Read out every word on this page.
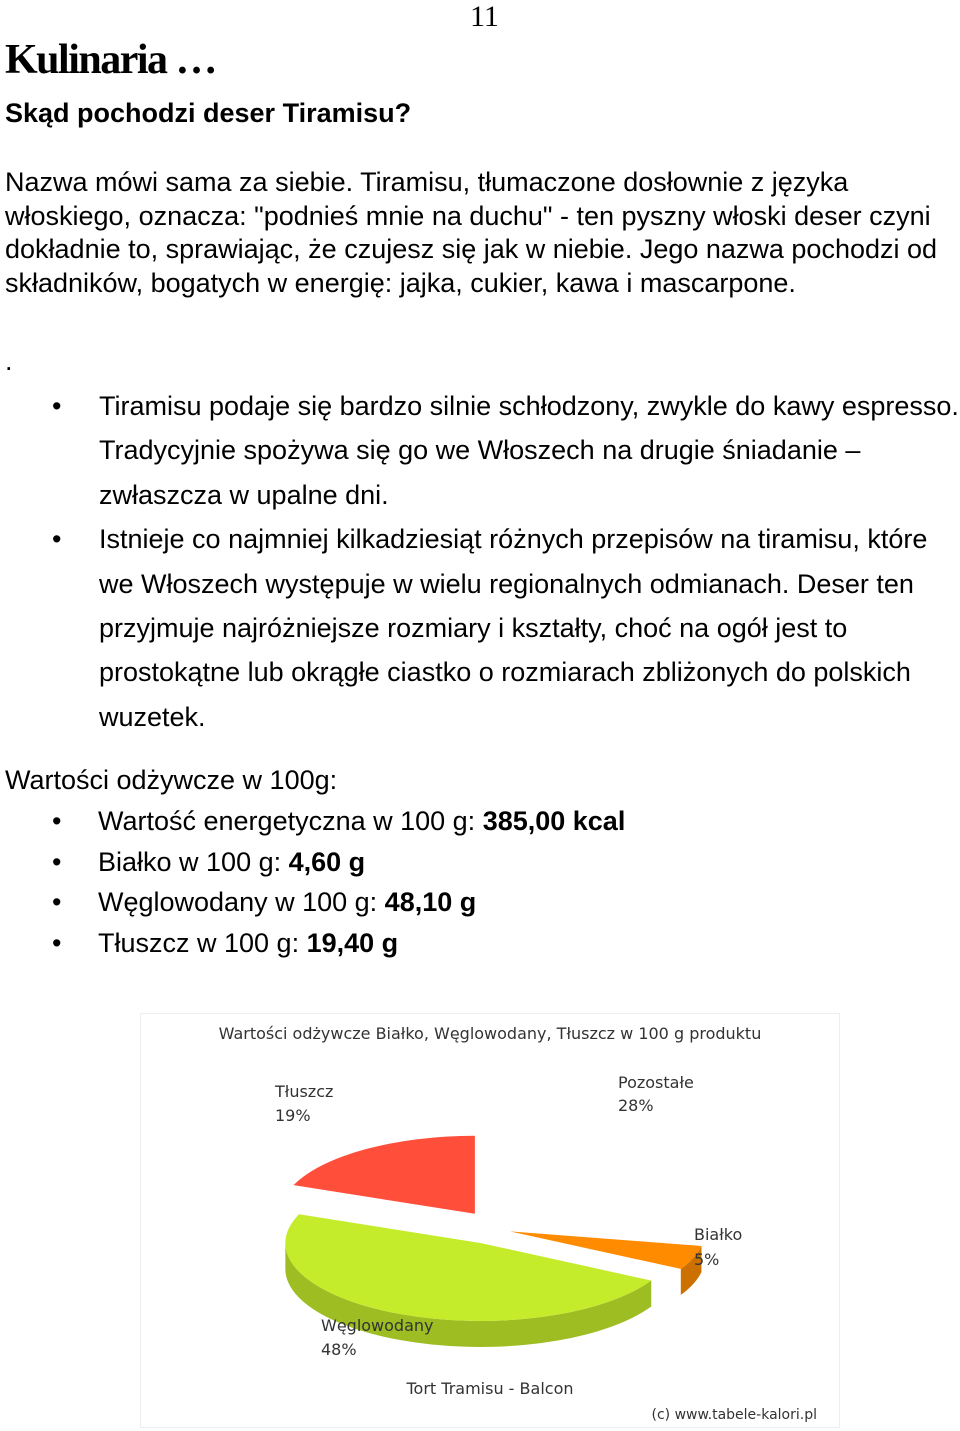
11
Kulinaria …
Skąd pochodzi deser Tiramisu?

Nazwa mówi sama za siebie. Tiramisu, tłumaczone dosłownie z języka włoskiego, oznacza: "podnieś mnie na duchu" - ten pyszny włoski deser czyni dokładnie to, sprawiając, że czujesz się jak w niebie. Jego nazwa pochodzi od składników, bogatych w energię: jajka, cukier, kawa i mascarpone.

.
• Tiramisu podaje się bardzo silnie schłodzony, zwykle do kawy espresso. Tradycyjnie spożywa się go we Włoszech na drugie śniadanie – zwłaszcza w upalne dni.
• Istnieje co najmniej kilkadziesiąt różnych przepisów na tiramisu, które we Włoszech występuje w wielu regionalnych odmianach. Deser ten przyjmuje najróżniejsze rozmiary i kształty, choć na ogół jest to prostokątne lub okrągłe ciastko o rozmiarach zbliżonych do polskich wuzetek.
Wartości odżywcze w 100g:
• Wartość energetyczna w 100 g: 385,00 kcal
• Białko w 100 g: 4,60 g
• Węglowodany w 100 g: 48,10 g
• Tłuszcz w 100 g: 19,40 g
Wartości odżywcze Białko, Węglowodany, Tłuszcz w 100 g produktu
Tort Tramisu - Balcon
(c) www.tabele-kalori.pl
Pozostałe
28%
Białko
5%
Węglowodany
48%
Tłuszcz
19%
